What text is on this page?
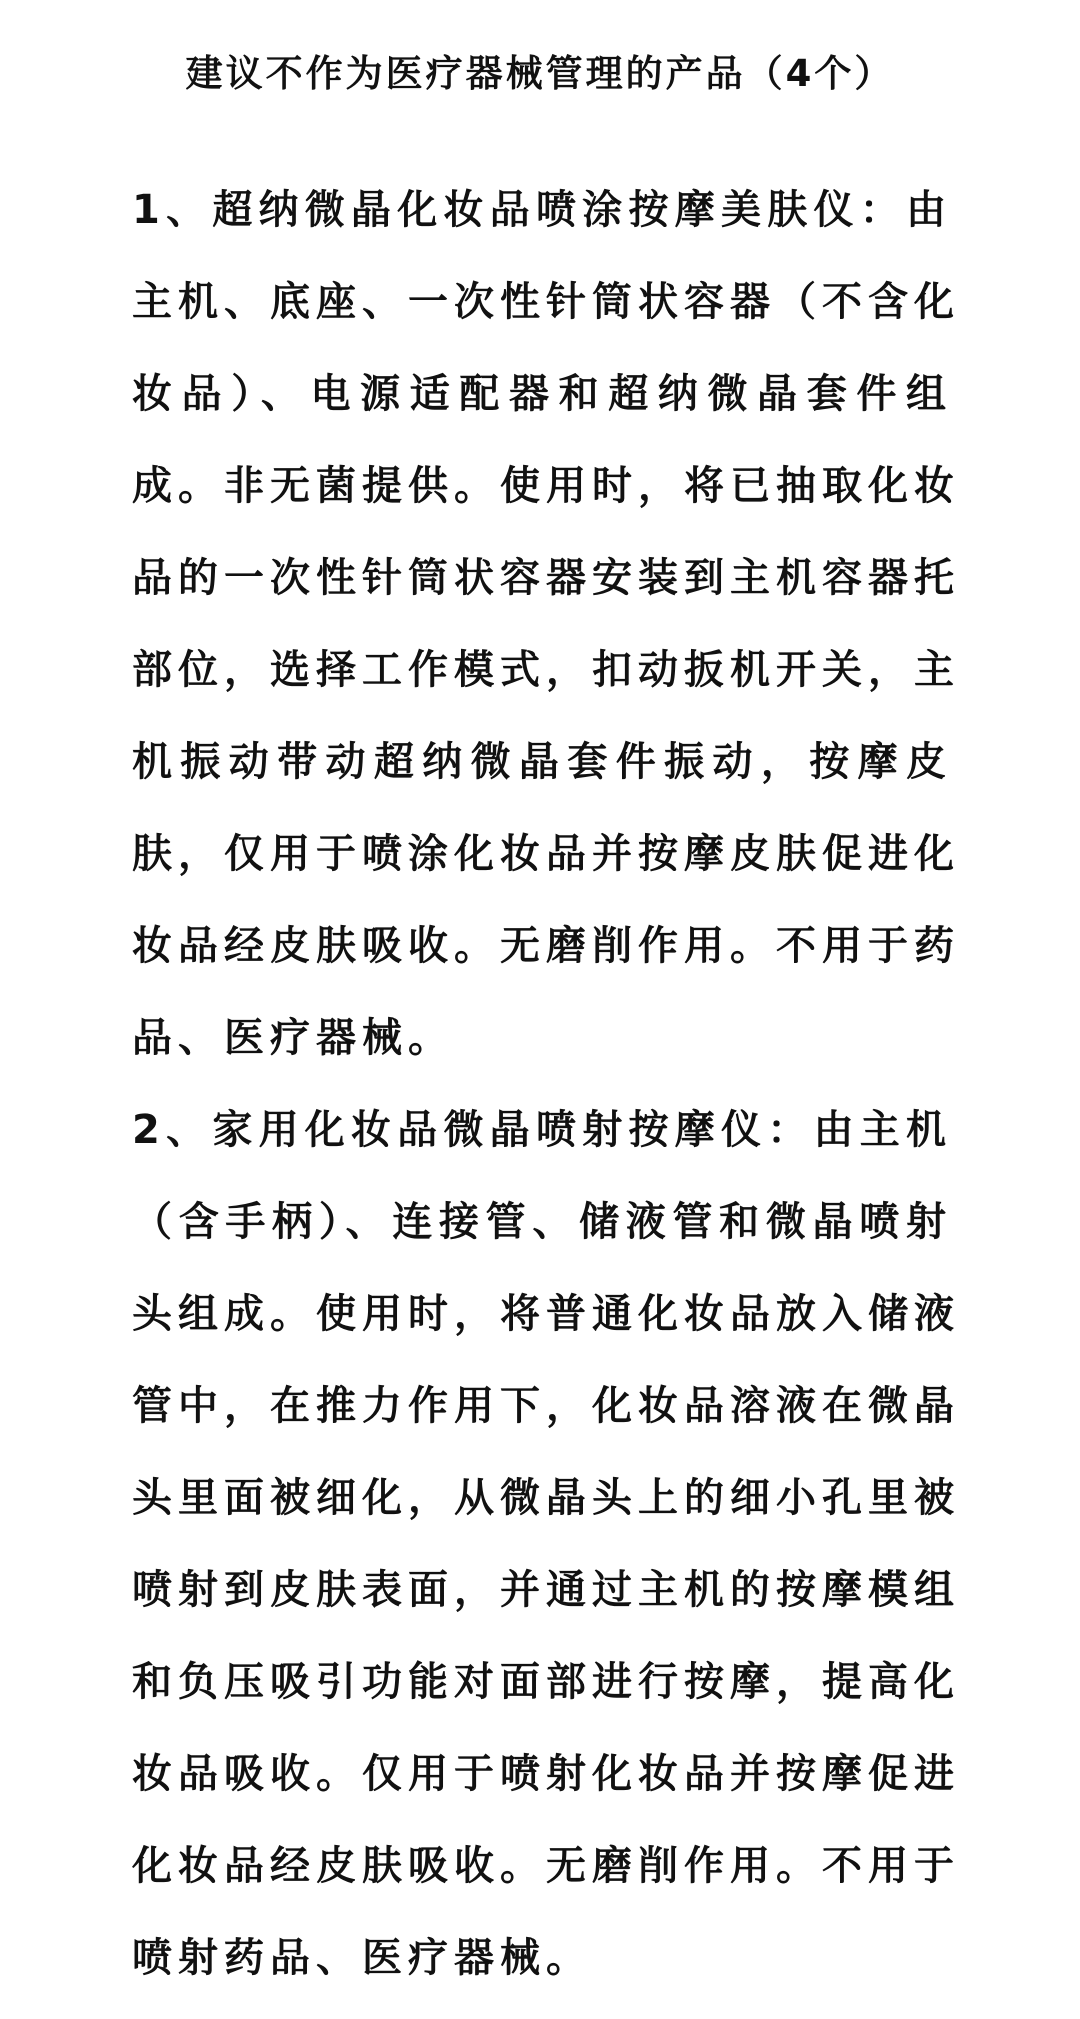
建议不作为医疗器械管理的产品（4个）
1、超纳微晶化妆品喷涂按摩美肤仪：由
主机、底座、一次性针筒状容器（不含化
妆品）、电源适配器和超纳微晶套件组
成。非无菌提供。使用时，将已抽取化妆
品的一次性针筒状容器安装到主机容器托
部位，选择工作模式，扣动扳机开关，主
机振动带动超纳微晶套件振动，按摩皮
肤，仅用于喷涂化妆品并按摩皮肤促进化
妆品经皮肤吸收。无磨削作用。不用于药
品、医疗器械。
2、家用化妆品微晶喷射按摩仪：由主机
（含手柄）、连接管、储液管和微晶喷射
头组成。使用时，将普通化妆品放入储液
管中，在推力作用下，化妆品溶液在微晶
头里面被细化，从微晶头上的细小孔里被
喷射到皮肤表面，并通过主机的按摩模组
和负压吸引功能对面部进行按摩，提高化
妆品吸收。仅用于喷射化妆品并按摩促进
化妆品经皮肤吸收。无磨削作用。不用于
喷射药品、医疗器械。
